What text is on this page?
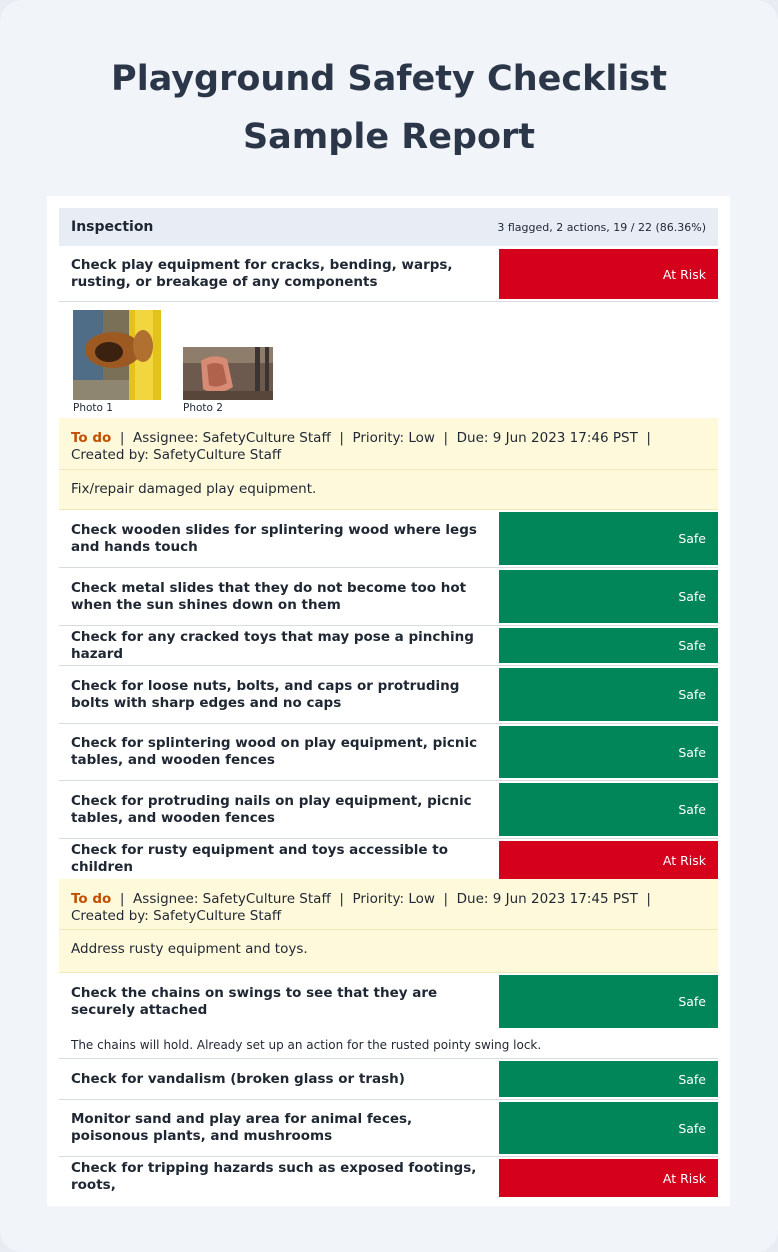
Playground Safety Checklist Sample Report
Inspection	3 flagged, 2 actions, 19 / 22 (86.36%)
Check play equipment for cracks, bending, warps, rusting, or breakage of any components	At Risk
Photo 1	Photo 2
To do  |  Assignee: SafetyCulture Staff  |  Priority: Low  |  Due: 9 Jun 2023 17:46 PST  |  Created by: SafetyCulture Staff
Fix/repair damaged play equipment.
Check wooden slides for splintering wood where legs and hands touch	Safe
Check metal slides that they do not become too hot when the sun shines down on them	Safe
Check for any cracked toys that may pose a pinching hazard	Safe
Check for loose nuts, bolts, and caps or protruding bolts with sharp edges and no caps	Safe
Check for splintering wood on play equipment, picnic tables, and wooden fences	Safe
Check for protruding nails on play equipment, picnic tables, and wooden fences	Safe
Check for rusty equipment and toys accessible to children	At Risk
To do  |  Assignee: SafetyCulture Staff  |  Priority: Low  |  Due: 9 Jun 2023 17:45 PST  |  Created by: SafetyCulture Staff
Address rusty equipment and toys.
Check the chains on swings to see that they are securely attached	Safe
The chains will hold. Already set up an action for the rusted pointy swing lock.
Check for vandalism (broken glass or trash)	Safe
Monitor sand and play area for animal feces, poisonous plants, and mushrooms	Safe
Check for tripping hazards such as exposed footings, roots,	At Risk
